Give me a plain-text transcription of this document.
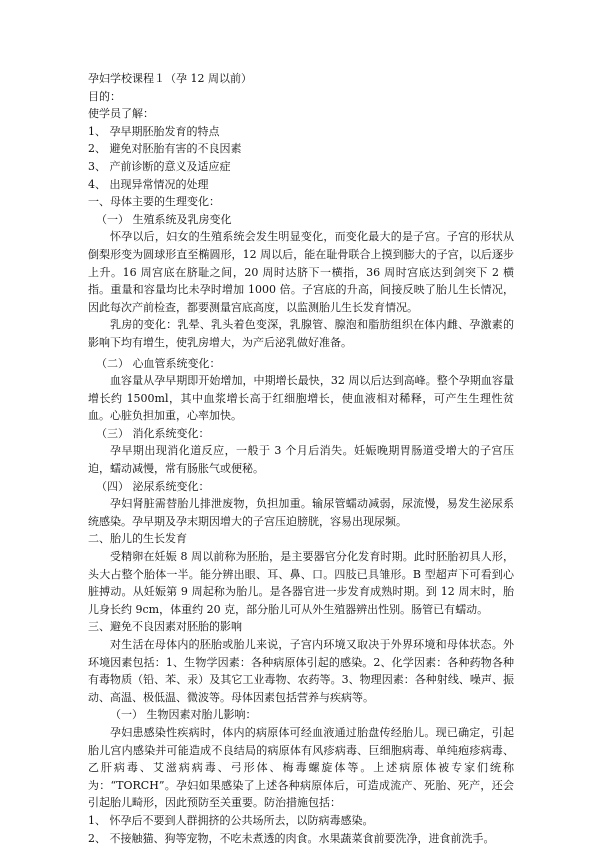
孕妇学校课程１（孕 12 周以前）
目的：
使学员了解：
1、 孕早期胚胎发育的特点
2、 避免对胚胎有害的不良因素
3、 产前诊断的意义及适应症
4、 出现异常情况的处理
一、母体主要的生理变化：
（一） 生殖系统及乳房变化
怀孕以后，妇女的生殖系统会发生明显变化，而变化最大的是子宫。子宫的形状从倒梨形变为圆球形直至椭圆形，12 周以后，能在耻骨联合上摸到膨大的子宫，以后逐步上升。16 周宫底在脐耻之间，20 周时达脐下一横指，36 周时宫底达到剑突下 2 横指。重量和容量均比未孕时增加 1000 倍。子宫底的升高，间接反映了胎儿生长情况，因此每次产前检查，都要测量宫底高度，以监测胎儿生长发育情况。
乳房的变化：乳晕、乳头着色变深，乳腺管、腺泡和脂肪组织在体内雌、孕激素的影响下均有增生，使乳房增大，为产后泌乳做好准备。
（二） 心血管系统变化：
血容量从孕早期即开始增加，中期增长最快，32 周以后达到高峰。整个孕期血容量增长约 1500ml，其中血浆增长高于红细胞增长，使血液相对稀释，可产生生理性贫血。心脏负担加重，心率加快。
（三） 消化系统变化：
孕早期出现消化道反应，一般于 3 个月后消失。妊娠晚期胃肠道受增大的子宫压迫，蠕动减慢，常有肠胀气或便秘。
（四） 泌尿系统变化：
孕妇肾脏需替胎儿排泄废物，负担加重。输尿管蠕动减弱，尿流慢，易发生泌尿系统感染。孕早期及孕末期因增大的子宫压迫膀胱，容易出现尿频。
二、胎儿的生长发育
受精卵在妊娠 8 周以前称为胚胎，是主要器官分化发育时期。此时胚胎初具人形，头大占整个胎体一半。能分辨出眼、耳、鼻、口。四肢已具雏形。B 型超声下可看到心脏搏动。从妊娠第 9 周起称为胎儿。是各器官进一步发育成熟时期。到 12 周末时，胎儿身长约 9cm，体重约 20 克，部分胎儿可从外生殖器辨出性别。肠管已有蠕动。
三、避免不良因素对胚胎的影响
对生活在母体内的胚胎或胎儿来说，子宫内环境又取决于外界环境和母体状态。外环境因素包括：1、生物学因素：各种病原体引起的感染。2、化学因素：各种药物各种有毒物质（铅、苯、汞）及其它工业毒物、农药等。3、物理因素：各种射线、噪声、振动、高温、极低温、微波等。母体因素包括营养与疾病等。
（一） 生物因素对胎儿影响：
孕妇患感染性疾病时，体内的病原体可经血液通过胎盘传经胎儿。现已确定，引起胎儿宫内感染并可能造成不良结局的病原体有风疹病毒、巨细胞病毒、单纯疱疹病毒、乙肝病毒、艾滋病病毒、弓形体、梅毒螺旋体等。上述病原体被专家们统称为：“TORCH”。孕妇如果感染了上述各种病原体后，可造成流产、死胎、死产，还会引起胎儿畸形，因此预防至关重要。防治措施包括：
1、 怀孕后不要到人群拥挤的公共场所去，以防病毒感染。
2、 不接触猫、狗等宠物，不吃未煮透的肉食。水果蔬菜食前要洗净，进食前洗手。
